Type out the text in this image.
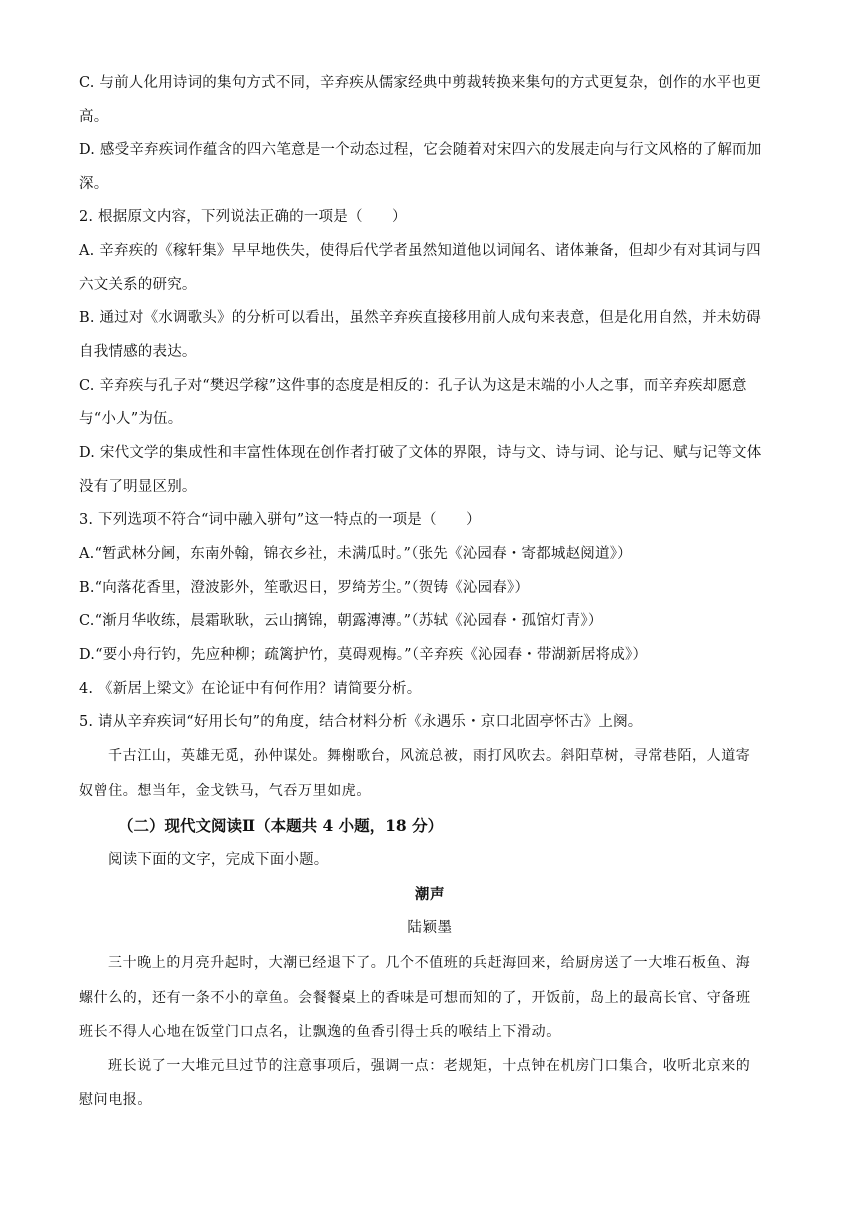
C. 与前人化用诗词的集句方式不同，辛弃疾从儒家经典中剪裁转换来集句的方式更复杂，创作的水平也更
高。
D. 感受辛弃疾词作蕴含的四六笔意是一个动态过程，它会随着对宋四六的发展走向与行文风格的了解而加
深。
2. 根据原文内容，下列说法正确的一项是（　　）
A. 辛弃疾的《稼轩集》早早地佚失，使得后代学者虽然知道他以词闻名、诸体兼备，但却少有对其词与四
六文关系的研究。
B. 通过对《水调歌头》的分析可以看出，虽然辛弃疾直接移用前人成句来表意，但是化用自然，并未妨碍
自我情感的表达。
C. 辛弃疾与孔子对“樊迟学稼”这件事的态度是相反的：孔子认为这是末端的小人之事，而辛弃疾却愿意
与“小人”为伍。
D. 宋代文学的集成性和丰富性体现在创作者打破了文体的界限，诗与文、诗与词、论与记、赋与记等文体
没有了明显区别。
3. 下列选项不符合“词中融入骈句”这一特点的一项是（　　）
A.“暂武林分阃，东南外翰，锦衣乡社，未满瓜时。”（张先《沁园春・寄都城赵阅道》）
B.“向落花香里，澄波影外，笙歌迟日，罗绮芳尘。”（贺铸《沁园春》）
C.“渐月华收练，晨霜耿耿，云山摛锦，朝露漙漙。”（苏轼《沁园春・孤馆灯青》）
D.“要小舟行钓，先应种柳；疏篱护竹，莫碍观梅。”（辛弃疾《沁园春・带湖新居将成》）
4. 《新居上梁文》在论证中有何作用？请简要分析。
5. 请从辛弃疾词“好用长句”的角度，结合材料分析《永遇乐・京口北固亭怀古》上阕。
千古江山，英雄无觅，孙仲谋处。舞榭歌台，风流总被，雨打风吹去。斜阳草树，寻常巷陌，人道寄
奴曾住。想当年，金戈铁马，气吞万里如虎。
（二）现代文阅读Ⅱ（本题共 4 小题，18 分）
阅读下面的文字，完成下面小题。
潮声
陆颖墨
三十晚上的月亮升起时，大潮已经退下了。几个不值班的兵赶海回来，给厨房送了一大堆石板鱼、海
螺什么的，还有一条不小的章鱼。会餐餐桌上的香味是可想而知的了，开饭前，岛上的最高长官、守备班
班长不得人心地在饭堂门口点名，让飘逸的鱼香引得士兵的喉结上下滑动。
班长说了一大堆元旦过节的注意事项后，强调一点：老规矩，十点钟在机房门口集合，收听北京来的
慰问电报。
